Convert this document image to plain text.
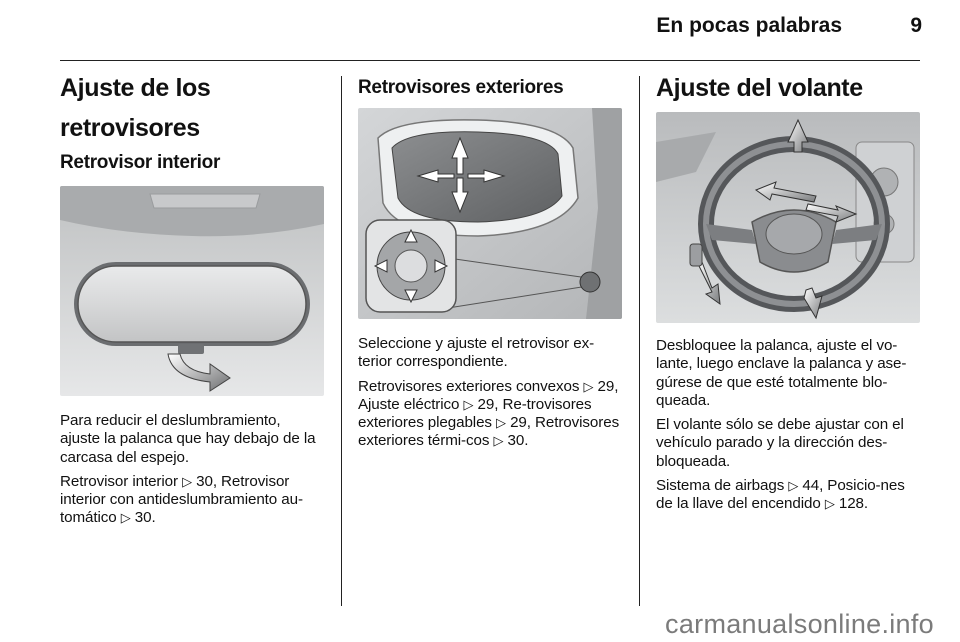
En pocas palabras	9
Ajuste de los retrovisores
Retrovisor interior

Para reducir el deslumbramiento, ajuste la palanca que hay debajo de la carcasa del espejo.

Retrovisor interior ▷ 30, Retrovisor interior con antideslumbramiento au-tomático ▷ 30.

Retrovisores exteriores

Seleccione y ajuste el retrovisor ex-terior correspondiente.

Retrovisores exteriores convexos ▷ 29, Ajuste eléctrico ▷ 29, Re-trovisores exteriores plegables ▷ 29, Retrovisores exteriores térmi-cos ▷ 30.

Ajuste del volante

Desbloquee la palanca, ajuste el vo-lante, luego enclave la palanca y ase-gúrese de que esté totalmente blo-queada.

El volante sólo se debe ajustar con el vehículo parado y la dirección des-bloqueada.

Sistema de airbags ▷ 44, Posicio-nes de la llave del encendido ▷ 128.

carmanualsonline.info
